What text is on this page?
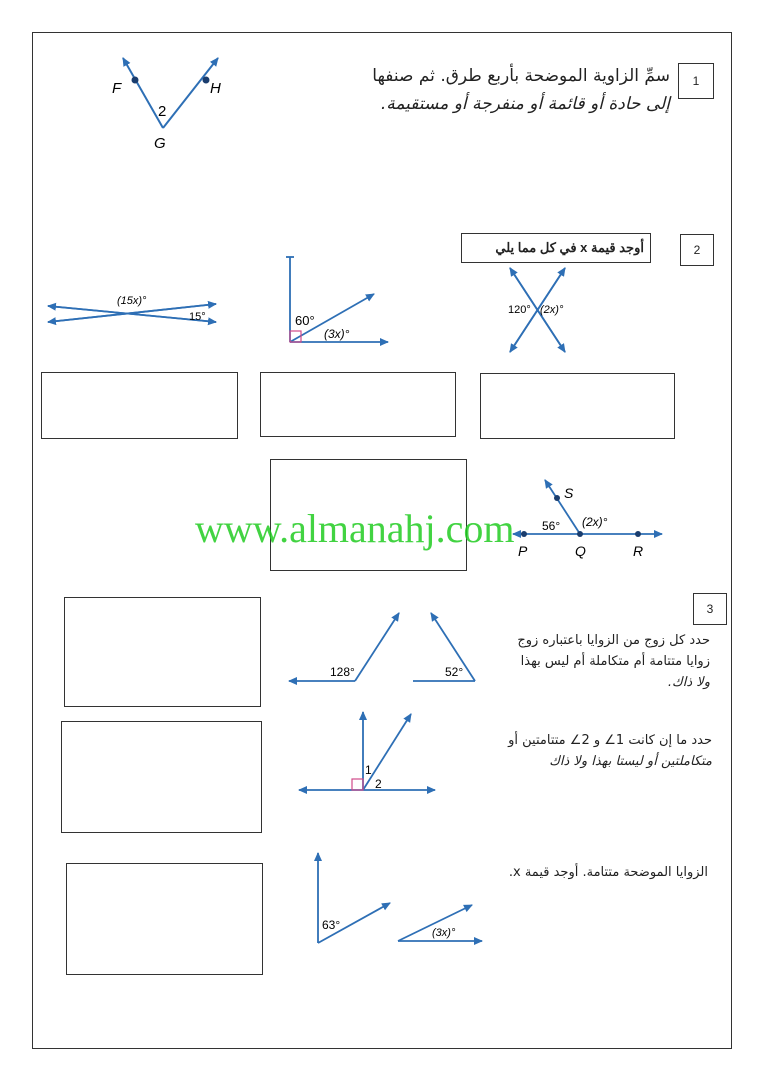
1
سمِّ الزاوية الموضحة بأربع طرق. ثم صنفها
إلى حادة أو قائمة أو منفرجة أو مستقيمة.
F	H
2
G
2
أوجد قيمة x في كل مما يلي
120° (2x)°
60°
(3x)°
(15x)°
15°
S
56° (2x)°
P	Q	R
www.almanahj.com
3
حدد كل زوج من الزوايا باعتباره زوج
زوايا متتامة أم متكاملة أم ليس بهذا
ولا ذاك.
حدد ما إن كانت 1∠ و 2∠ متتامتين أو
متكاملتين أو ليستا بهذا ولا ذاك
الزوايا الموضحة متتامة. أوجد قيمة x.
128°	52°
1
2
63°
(3x)°
